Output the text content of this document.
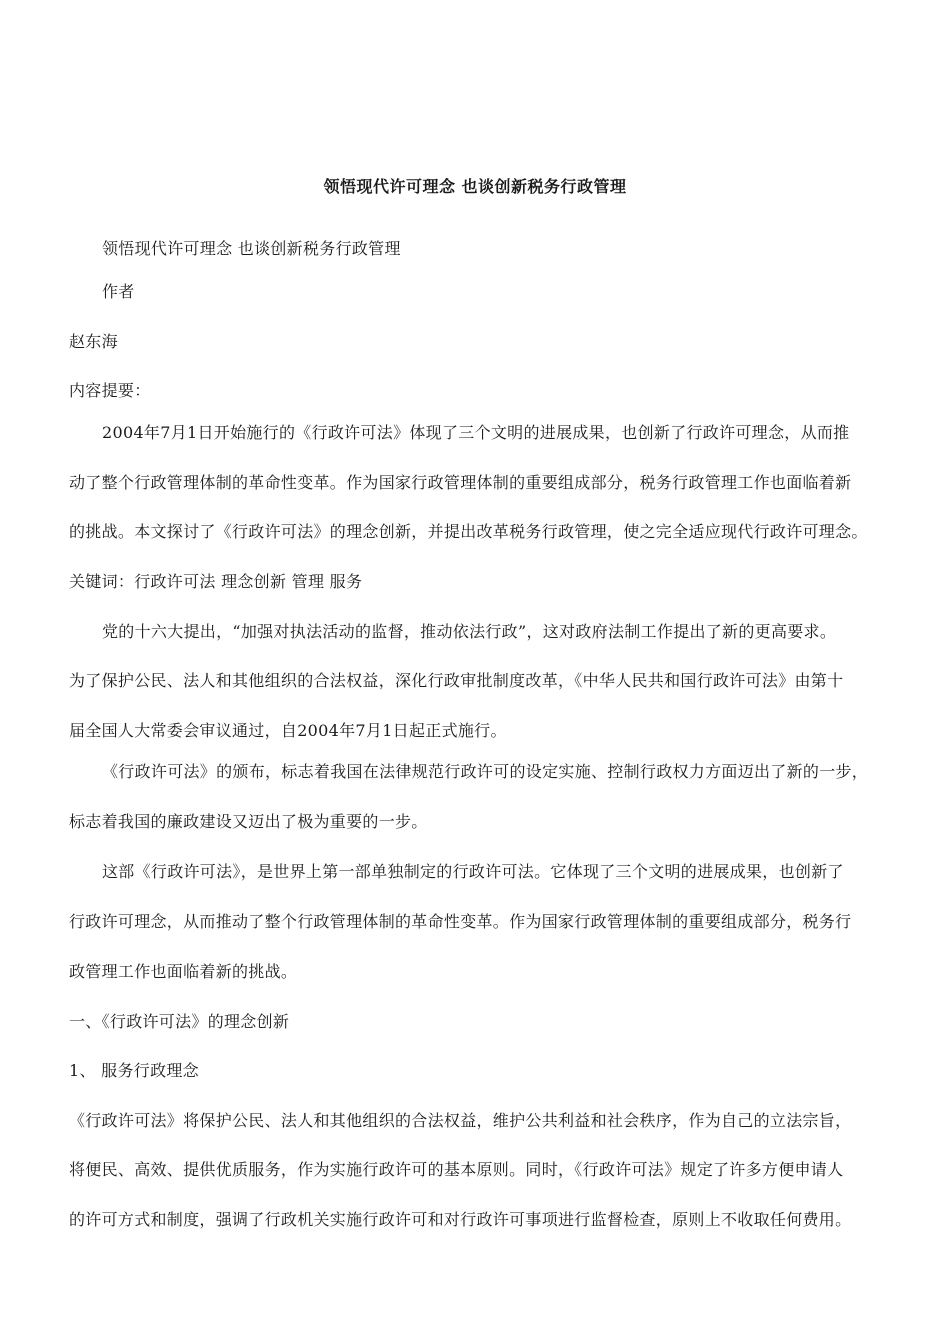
领悟现代许可理念 也谈创新税务行政管理
领悟现代许可理念 也谈创新税务行政管理
作者
赵东海
内容提要：
2004年7月1日开始施行的《行政许可法》体现了三个文明的进展成果，也创新了行政许可理念，从而推
动了整个行政管理体制的革命性变革。作为国家行政管理体制的重要组成部分，税务行政管理工作也面临着新
的挑战。本文探讨了《行政许可法》的理念创新，并提出改革税务行政管理，使之完全适应现代行政许可理念。
关键词：行政许可法 理念创新 管理 服务
党的十六大提出，“加强对执法活动的监督，推动依法行政”，这对政府法制工作提出了新的更高要求。
为了保护公民、法人和其他组织的合法权益，深化行政审批制度改革，《中华人民共和国行政许可法》由第十
届全国人大常委会审议通过，自2004年7月1日起正式施行。
《行政许可法》的颁布，标志着我国在法律规范行政许可的设定实施、控制行政权力方面迈出了新的一步，
标志着我国的廉政建设又迈出了极为重要的一步。
这部《行政许可法》，是世界上第一部单独制定的行政许可法。它体现了三个文明的进展成果，也创新了
行政许可理念，从而推动了整个行政管理体制的革命性变革。作为国家行政管理体制的重要组成部分，税务行
政管理工作也面临着新的挑战。
一、《行政许可法》的理念创新
1、 服务行政理念
《行政许可法》将保护公民、法人和其他组织的合法权益，维护公共利益和社会秩序，作为自己的立法宗旨，
将便民、高效、提供优质服务，作为实施行政许可的基本原则。同时，《行政许可法》规定了许多方便申请人
的许可方式和制度，强调了行政机关实施行政许可和对行政许可事项进行监督检查，原则上不收取任何费用。
